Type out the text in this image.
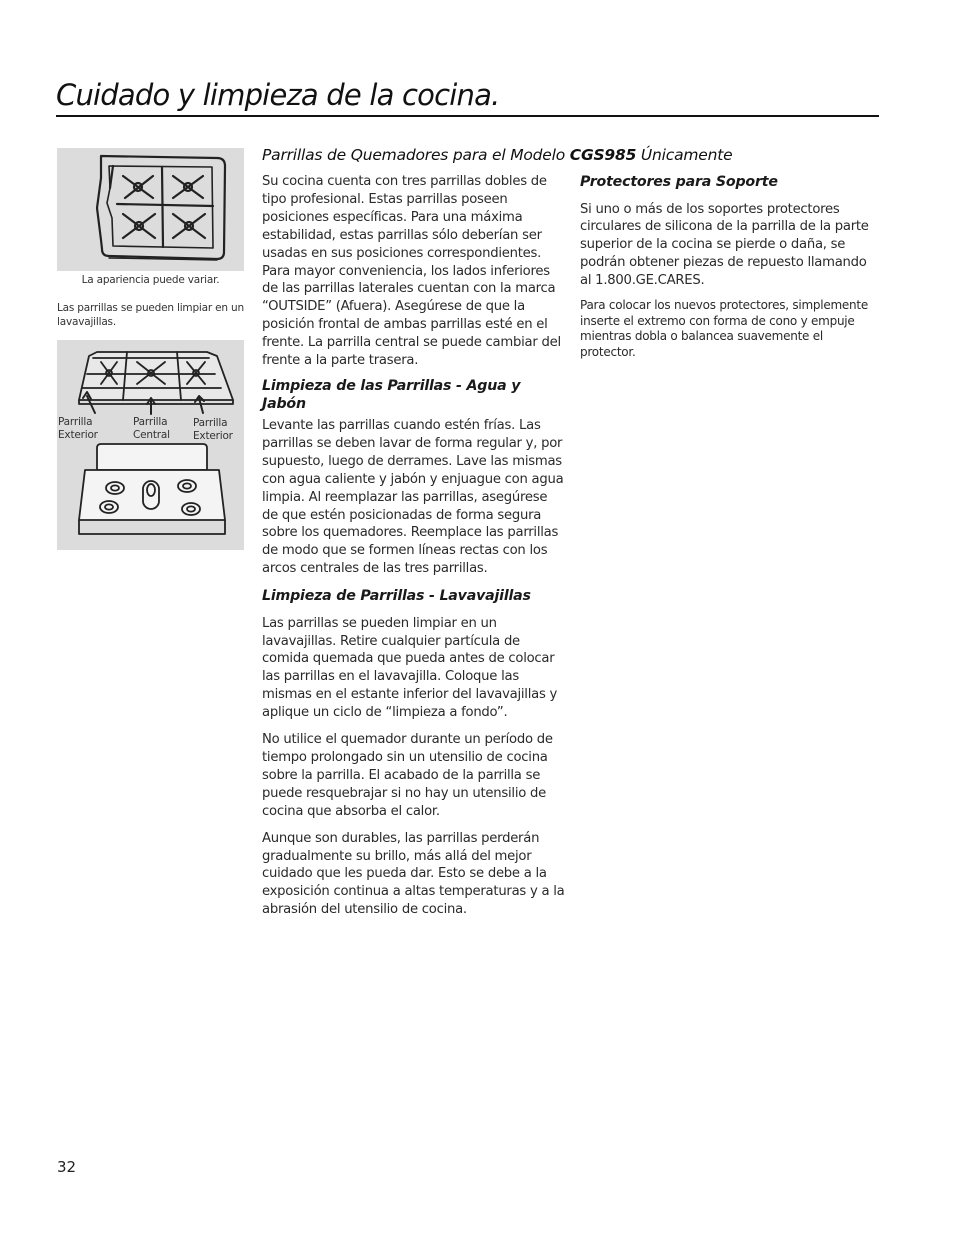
Cuidado y limpieza de la cocina.
La apariencia puede variar.
Las parrillas se pueden limpiar en un lavavajillas.
Parrilla
Exterior
Parrilla
Central
Parrilla
Exterior
Parrillas de Quemadores para el Modelo CGS985 Únicamente

Su cocina cuenta con tres parrillas dobles de tipo profesional. Estas parrillas poseen posiciones específicas. Para una máxima estabilidad, estas parrillas sólo deberían ser usadas en sus posiciones correspondientes. Para mayor conveniencia, los lados inferiores de las parrillas laterales cuentan con la marca “OUTSIDE” (Afuera). Asegúrese de que la posición frontal de ambas parrillas esté en el frente. La parrilla central se puede cambiar del frente a la parte trasera.

Limpieza de las Parrillas - Agua y Jabón

Levante las parrillas cuando estén frías. Las parrillas se deben lavar de forma regular y, por supuesto, luego de derrames. Lave las mismas con agua caliente y jabón y enjuague con agua limpia. Al reemplazar las parrillas, asegúrese de que estén posicionadas de forma segura sobre los quemadores. Reemplace las parrillas de modo que se formen líneas rectas con los arcos centrales de las tres parrillas.

Limpieza de Parrillas - Lavavajillas

Las parrillas se pueden limpiar en un lavavajillas. Retire cualquier partícula de comida quemada que pueda antes de colocar las parrillas en el lavavajilla. Coloque las mismas en el estante inferior del lavavajillas y aplique un ciclo de “limpieza a fondo”.

No utilice el quemador durante un período de tiempo prolongado sin un utensilio de cocina sobre la parrilla. El acabado de la parrilla se puede resquebrajar si no hay un utensilio de cocina que absorba el calor.

Aunque son durables, las parrillas perderán gradualmente su brillo, más allá del mejor cuidado que les pueda dar. Esto se debe a la exposición continua a altas temperaturas y a la abrasión del utensilio de cocina.

Protectores para Soporte

Si uno o más de los soportes protectores circulares de silicona de la parrilla de la parte superior de la cocina se pierde o daña, se podrán obtener piezas de repuesto llamando al 1.800.GE.CARES.

Para colocar los nuevos protectores, simplemente inserte el extremo con forma de cono y empuje mientras dobla o balancea suavemente el protector.

32
